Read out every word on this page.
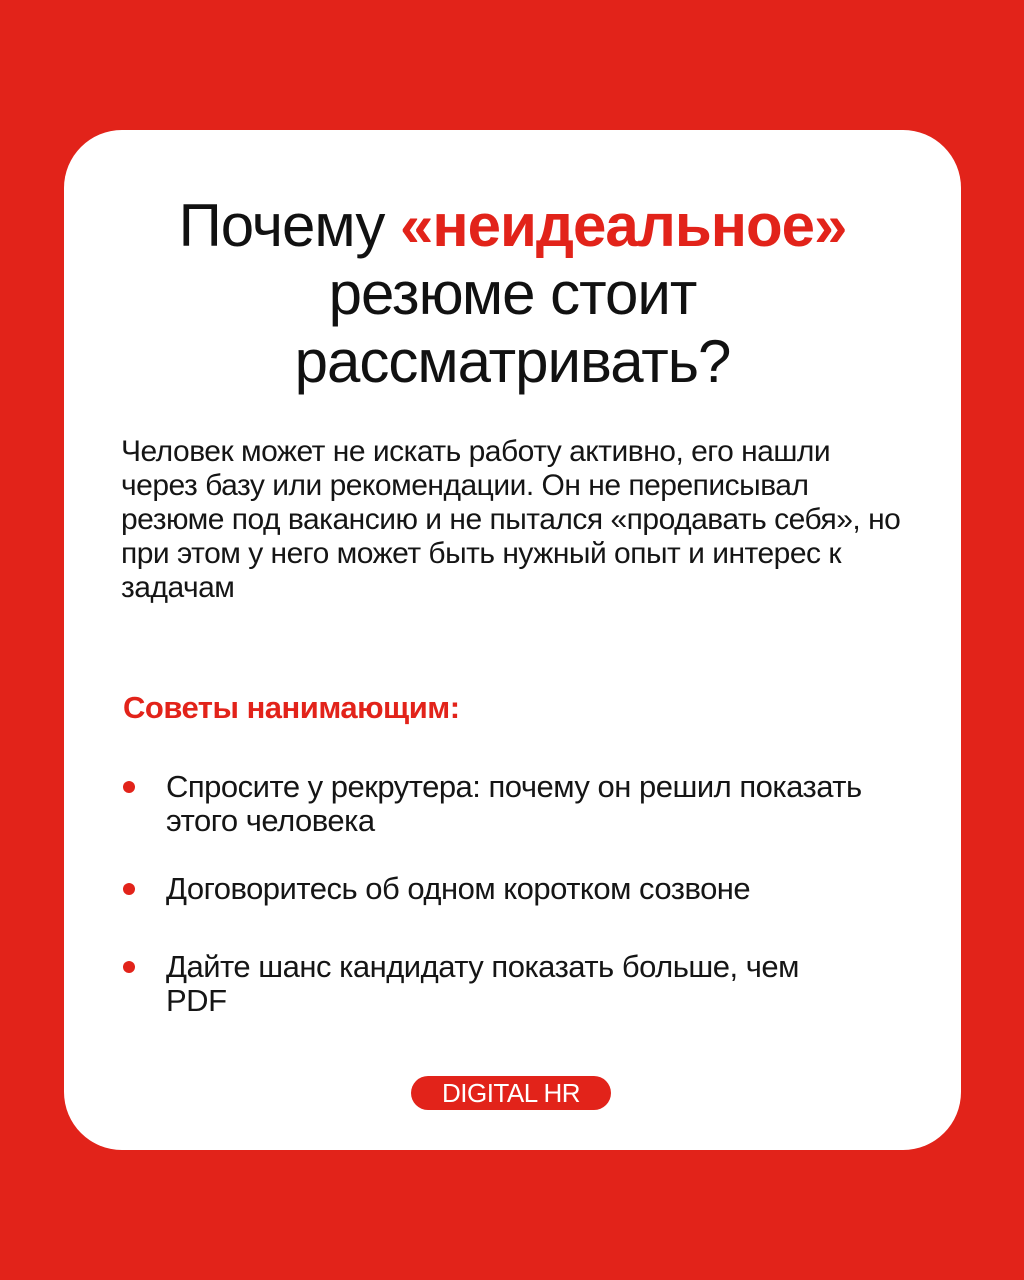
Почему «неидеальное»
резюме стоит
рассматривать?

Человек может не искать работу активно, его нашли через базу или рекомендации. Он не переписывал резюме под вакансию и не пытался «продавать себя», но при этом у него может быть нужный опыт и интерес к задачам

Советы нанимающим:
Спросите у рекрутера: почему он решил показать этого человека
Договоритесь об одном коротком созвоне
Дайте шанс кандидату показать больше, чем PDF
DIGITAL HR
